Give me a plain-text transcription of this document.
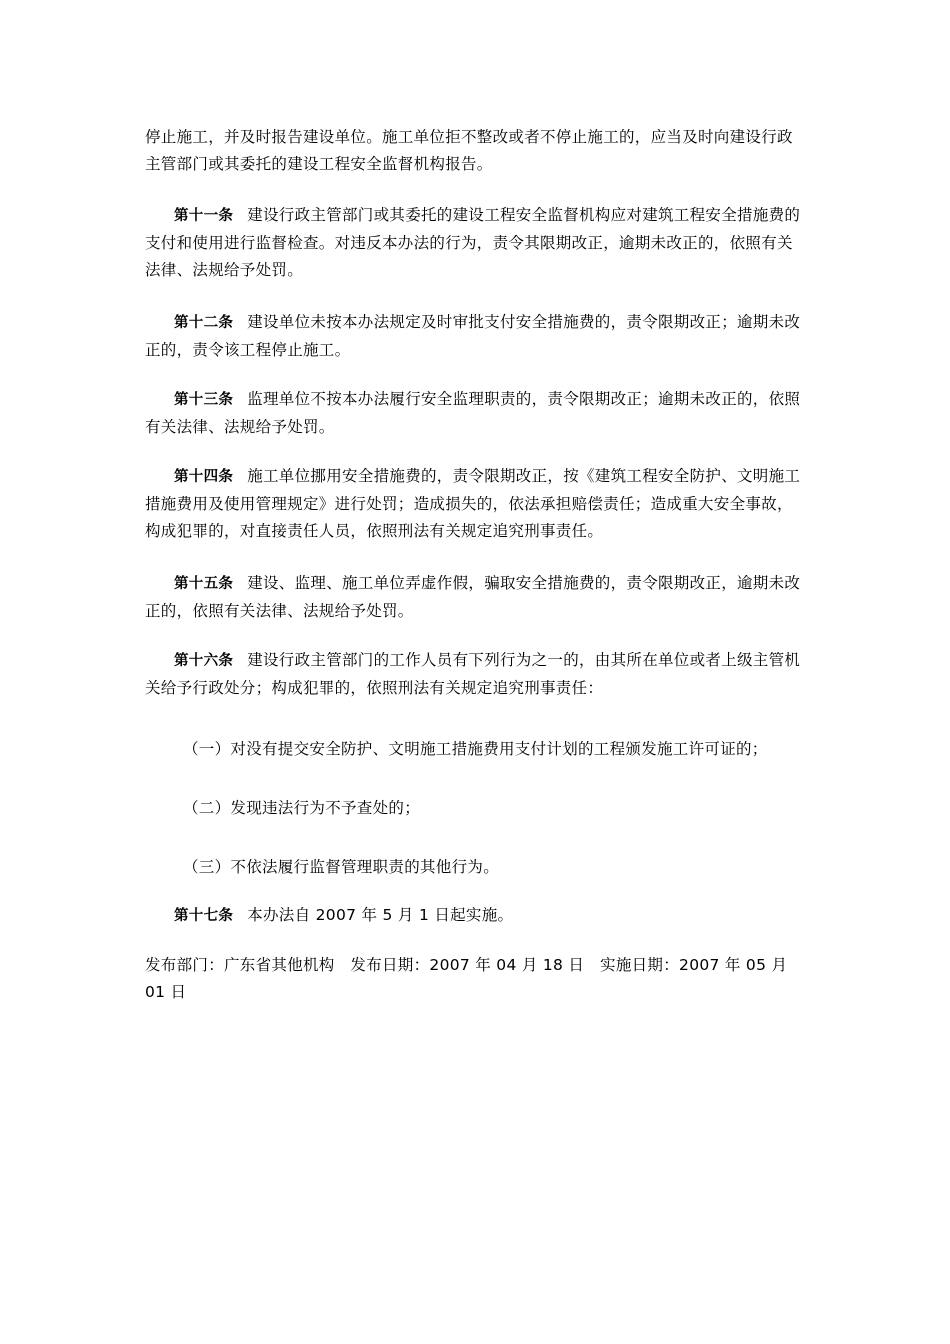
停止施工，并及时报告建设单位。施工单位拒不整改或者不停止施工的，应当及时向建设行政主管部门或其委托的建设工程安全监督机构报告。

第十一条 建设行政主管部门或其委托的建设工程安全监督机构应对建筑工程安全措施费的支付和使用进行监督检查。对违反本办法的行为，责令其限期改正，逾期未改正的，依照有关法律、法规给予处罚。

第十二条 建设单位未按本办法规定及时审批支付安全措施费的，责令限期改正；逾期未改正的，责令该工程停止施工。

第十三条 监理单位不按本办法履行安全监理职责的，责令限期改正；逾期未改正的，依照有关法律、法规给予处罚。

第十四条 施工单位挪用安全措施费的，责令限期改正，按《建筑工程安全防护、文明施工措施费用及使用管理规定》进行处罚；造成损失的，依法承担赔偿责任；造成重大安全事故，构成犯罪的，对直接责任人员，依照刑法有关规定追究刑事责任。

第十五条 建设、监理、施工单位弄虚作假，骗取安全措施费的，责令限期改正，逾期未改正的，依照有关法律、法规给予处罚。

第十六条 建设行政主管部门的工作人员有下列行为之一的，由其所在单位或者上级主管机关给予行政处分；构成犯罪的，依照刑法有关规定追究刑事责任：

（一）对没有提交安全防护、文明施工措施费用支付计划的工程颁发施工许可证的；

（二）发现违法行为不予查处的；

（三）不依法履行监督管理职责的其他行为。

第十七条 本办法自 2007 年 5 月 1 日起实施。

发布部门：广东省其他机构　发布日期：2007 年 04 月 18 日　实施日期：2007 年 05 月 01 日
